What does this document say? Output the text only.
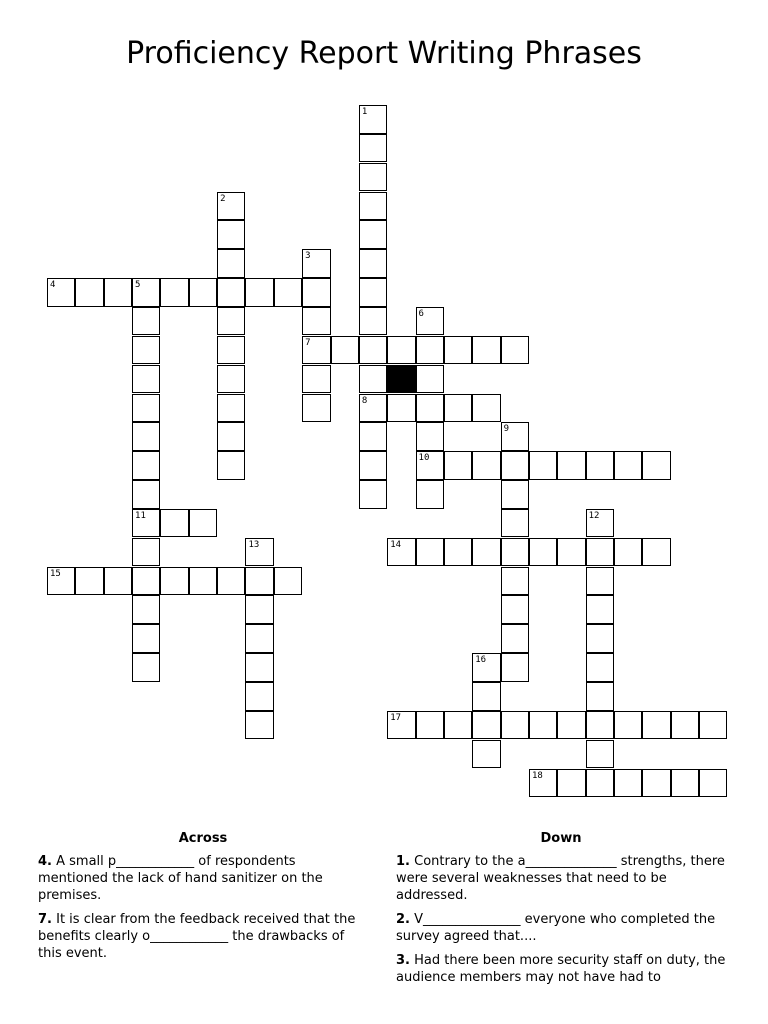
Proficiency Report Writing Phrases
1
8
2
3
7
4	5
11
6
10
9
12
13	14
15
16
17
18
Across
4. A small p____________ of respondents mentioned the lack of hand sanitizer on the premises.
7. It is clear from the feedback received that the benefits clearly o____________ the drawbacks of this event.
Down
1. Contrary to the a______________ strengths, there were several weaknesses that need to be addressed.
2. V_______________ everyone who completed the survey agreed that....
3. Had there been more security staff on duty, the audience members may not have had to
